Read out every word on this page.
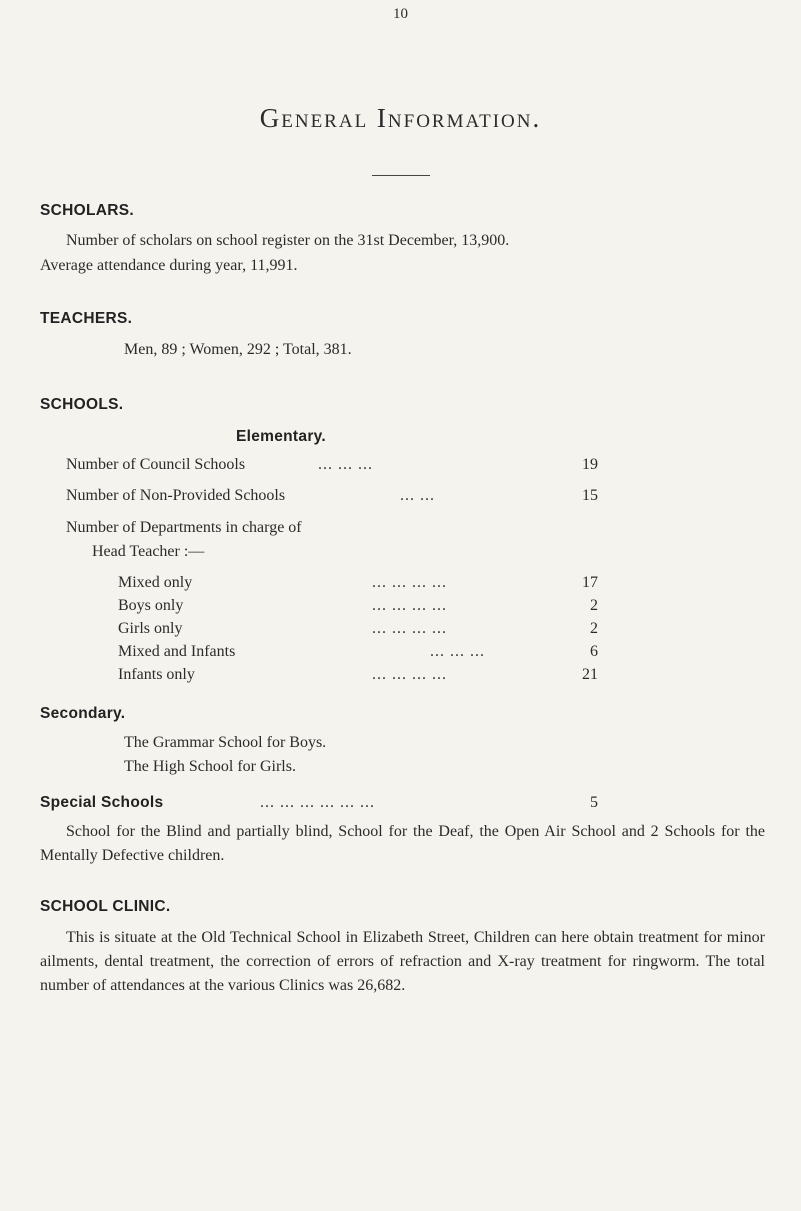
10
General Information.
SCHOLARS.
Number of scholars on school register on the 31st December, 13,900.
Average attendance during year, 11,991.
TEACHERS.
Men, 89 ; Women, 292 ; Total, 381.
SCHOOLS.
Elementary.
Number of Council Schools	... ... ...	19
Number of Non-Provided Schools	... ...	15
Number of Departments in charge of
Head Teacher :—
Mixed only	... ... ... ...	17
Boys only	... ... ... ...	2
Girls only	... ... ... ...	2
Mixed and Infants	... ... ...	6
Infants only	... ... ... ...	21
Secondary.
The Grammar School for Boys.
The High School for Girls.
Special Schools	... ... ... ... ... ...	5
School for the Blind and partially blind, School for the Deaf, the Open Air School and 2 Schools for the Mentally Defective children.
SCHOOL CLINIC.
This is situate at the Old Technical School in Elizabeth Street, Children can here obtain treatment for minor ailments, dental treatment, the correction of errors of refraction and X-ray treatment for ringworm. The total number of attendances at the various Clinics was 26,682.
